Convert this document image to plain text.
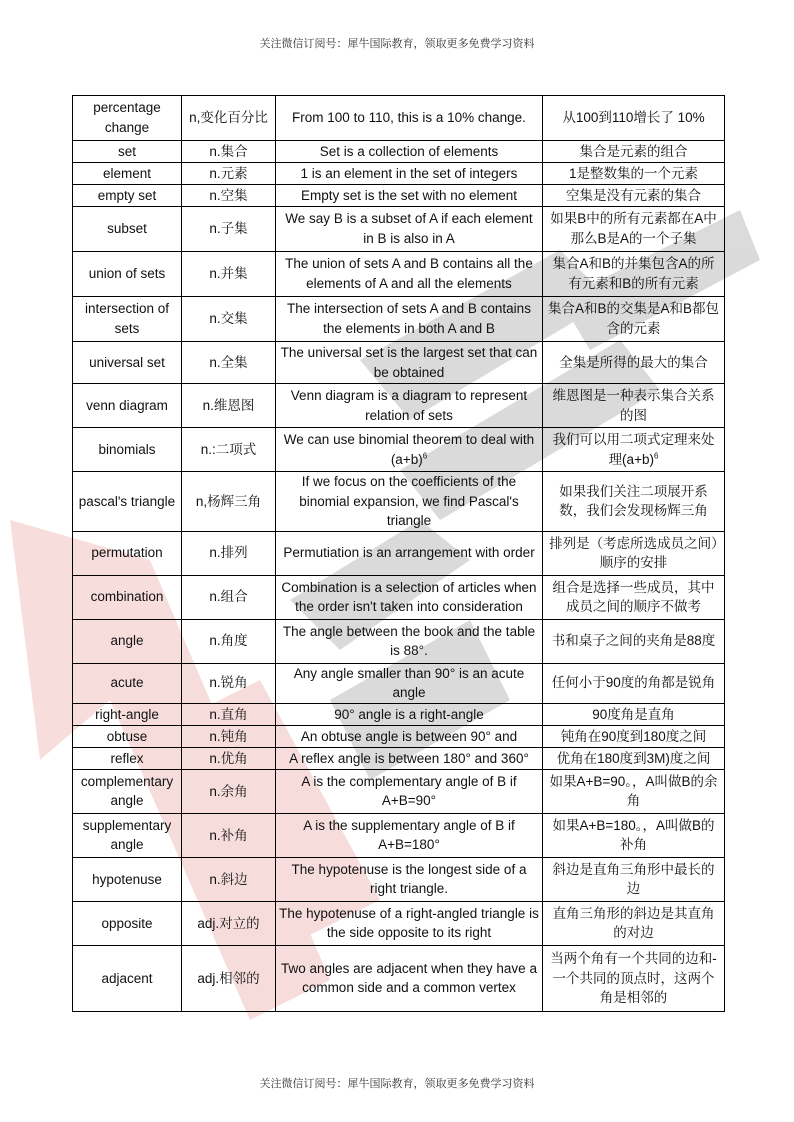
关注微信订阅号：犀牛国际教育，领取更多免费学习资料
percentage change	n,变化百分比	From 100 to 110, this is a 10% change.	从100到110增长了 10%
set	n.集合	Set is a collection of elements	集合是元素的组合
element	n.元素	1 is an element in the set of integers	1是整数集的一个元素
empty set	n.空集	Empty set is the set with no element	空集是没有元素的集合
subset	n.子集	We say B is a subset of A if each element in B is also in A	如果B中的所有元素都在A中那么B是A的一个子集
union of sets	n.并集	The union of sets A and B contains all the elements of A and all the elements	集合A和B的并集包含A的所有元素和B的所有元素
intersection of sets	n.交集	The intersection of sets A and B contains the elements in both A and B	集合A和B的交集是A和B都包含的元素
universal set	n.全集	The universal set is the largest set that can be obtained	全集是所得的最大的集合
venn diagram	n.维恩图	Venn diagram is a diagram to represent relation of sets	维恩图是一种表示集合关系的图
binomials	n.:二项式	We can use binomial theorem to deal with $(a+b)^6$	我们可以用二项式定理来处理$(a+b)^6$
pascal's triangle	n,杨辉三角	If we focus on the coefficients of the binomial expansion, we find Pascal's triangle	如果我们关注二项展开系数，我们会发现杨辉三角
permutation	n.排列	Permutiation is an arrangement with order	排列是（考虑所选成员之间）顺序的安排
combination	n.组合	Combination is a selection of articles when the order isn't taken into consideration	组合是选择一些成员，其中成员之间的顺序不做考
angle	n.角度	The angle between the book and the table is 88°.	书和桌子之间的夹角是88度
acute	n.锐角	Any angle smaller than 90° is an acute angle	任何小于90度的角都是锐角
right-angle	n.直角	90° angle is a right-angle	90度角是直角
obtuse	n.钝角	An obtuse angle is between 90° and	钝角在90度到180度之间
reflex	n.优角	A reflex angle is between 180° and 360°	优角在180度到3M)度之间
complementary angle	n.余角	A is the complementary angle of B if A+B=90°	如果A+B=90。，A叫做B的余角
supplementary angle	n.补角	A is the supplementary angle of B if A+B=180°	如果A+B=180。，A叫做B的补角
hypotenuse	n.斜边	The hypotenuse is the longest side of a right triangle.	斜边是直角三角形中最长的边
opposite	adj.对立的	The hypotenuse of a right-angled triangle is the side opposite to its right	直角三角形的斜边是其直角的对边
adjacent	adj.相邻的	Two angles are adjacent when they have a common side and a common vertex	当两个角有一个共同的边和-一个共同的顶点时，这两个角是相邻的
关注微信订阅号：犀牛国际教育，领取更多免费学习资料
